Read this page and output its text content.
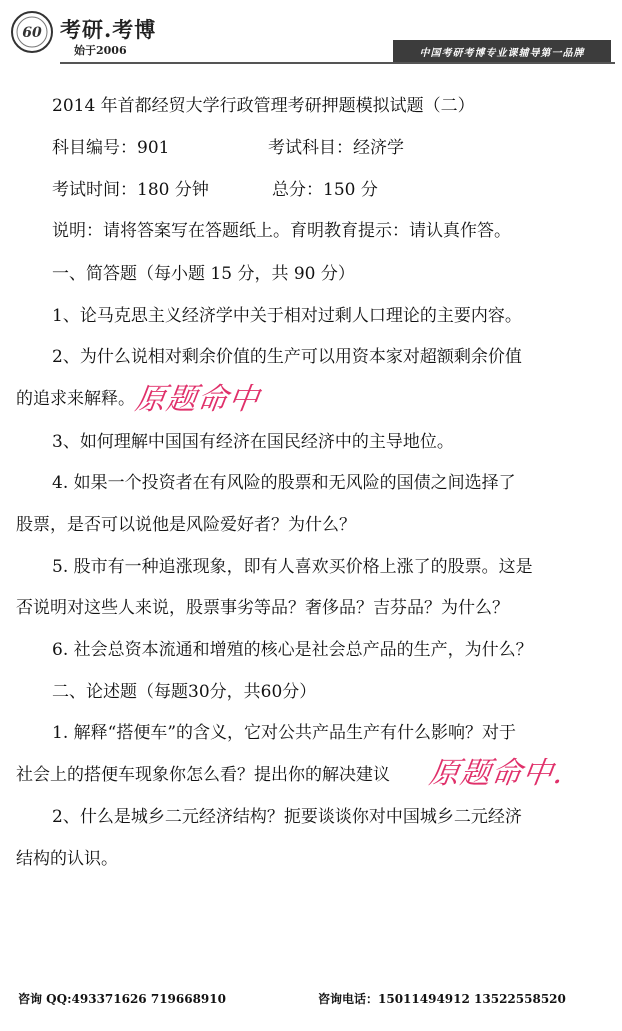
60 考研.考博
始于2006	中国考研考博专业课辅导第一品牌
2014 年首都经贸大学行政管理考研押题模拟试题（二）
科目编号：901	考试科目：经济学
考试时间：180 分钟	总分：150 分
说明：请将答案写在答题纸上。育明教育提示：请认真作答。
一、简答题（每小题 15 分，共 90 分）
1、论马克思主义经济学中关于相对过剩人口理论的主要内容。
2、为什么说相对剩余价值的生产可以用资本家对超额剩余价值
的追求来解释。
原题命中
3、如何理解中国国有经济在国民经济中的主导地位。
4. 如果一个投资者在有风险的股票和无风险的国债之间选择了
股票，是否可以说他是风险爱好者？为什么？
5. 股市有一种追涨现象，即有人喜欢买价格上涨了的股票。这是
否说明对这些人来说，股票事劣等品？奢侈品？吉芬品？为什么？
6. 社会总资本流通和增殖的核心是社会总产品的生产，为什么？
二、论述题（每题30分，共60分）
1. 解释“搭便车”的含义，它对公共产品生产有什么影响？对于
社会上的搭便车现象你怎么看？提出你的解决建议 原题命中.
2、什么是城乡二元经济结构？扼要谈谈你对中国城乡二元经济
结构的认识。
咨询 QQ:493371626 719668910	咨询电话：15011494912 13522558520
